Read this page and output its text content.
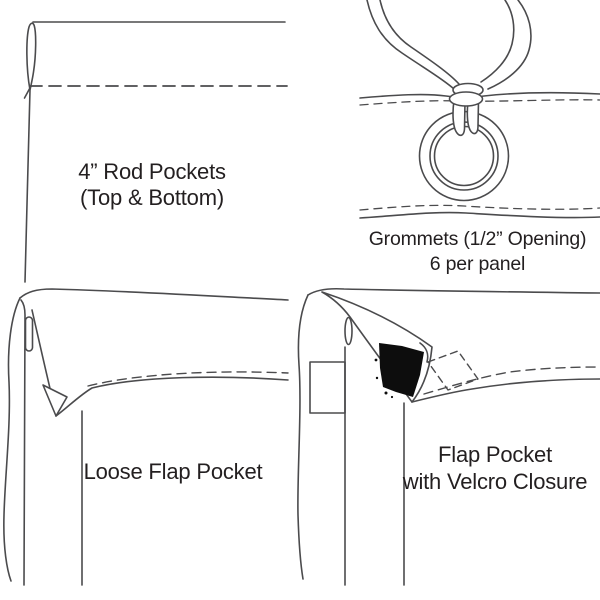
4” Rod Pockets
(Top & Bottom)
Grommets (1/2” Opening)
6 per panel
Loose Flap Pocket
Flap Pocket
with Velcro Closure
